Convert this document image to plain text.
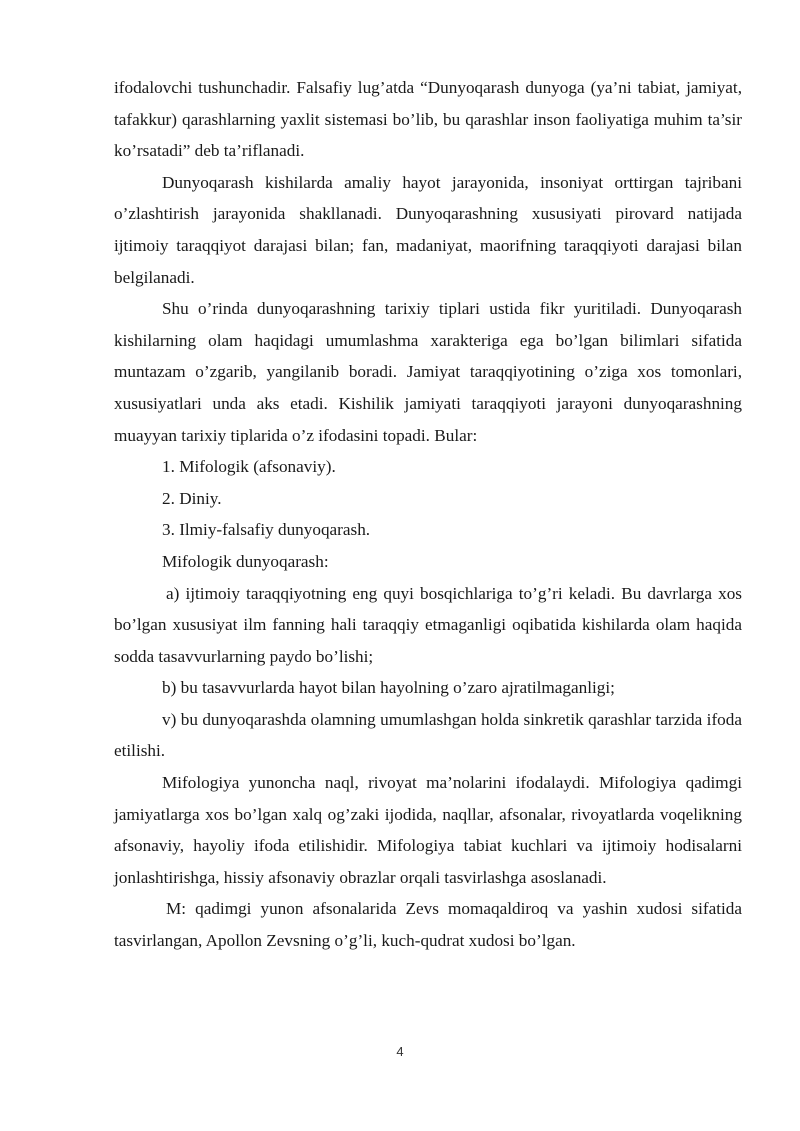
ifodalovchi tushunchadir. Falsafiy lug’atda “Dunyoqarash dunyoga (ya’ni tabiat, jamiyat, tafakkur) qarashlarning yaxlit sistemasi bo’lib, bu qarashlar inson faoliyatiga muhim ta’sir ko’rsatadi” deb ta’riflanadi.

Dunyoqarash kishilarda amaliy hayot jarayonida, insoniyat orttirgan tajribani o’zlashtirish jarayonida shakllanadi. Dunyoqarashning xususiyati pirovard natijada ijtimoiy taraqqiyot darajasi bilan; fan, madaniyat, maorifning taraqqiyoti darajasi bilan belgilanadi.

Shu o’rinda dunyoqarashning tarixiy tiplari ustida fikr yuritiladi. Dunyoqarash kishilarning olam haqidagi umumlashma xarakteriga ega bo’lgan bilimlari sifatida muntazam o’zgarib, yangilanib boradi. Jamiyat taraqqiyotining o’ziga xos tomonlari, xususiyatlari unda aks etadi. Kishilik jamiyati taraqqiyoti jarayoni dunyoqarashning muayyan tarixiy tiplarida o’z ifodasini topadi. Bular:

1. Mifologik (afsonaviy).

2. Diniy.

3. Ilmiy-falsafiy dunyoqarash.

Mifologik dunyoqarash:

a) ijtimoiy taraqqiyotning eng quyi bosqichlariga to’g’ri keladi. Bu davrlarga xos bo’lgan xususiyat ilm fanning hali taraqqiy etmaganligi oqibatida kishilarda olam haqida sodda tasavvurlarning paydo bo’lishi;

b) bu tasavvurlarda hayot bilan hayolning o’zaro ajratilmaganligi;

v) bu dunyoqarashda olamning umumlashgan holda sinkretik qarashlar tarzida ifoda etilishi.

Mifologiya yunoncha naql, rivoyat ma’nolarini ifodalaydi. Mifologiya qadimgi jamiyatlarga xos bo’lgan xalq og’zaki ijodida, naqllar, afsonalar, rivoyatlarda voqelikning afsonaviy, hayoliy ifoda etilishidir. Mifologiya tabiat kuchlari va ijtimoiy hodisalarni jonlashtirishga, hissiy afsonaviy obrazlar orqali tasvirlashga asoslanadi.

M: qadimgi yunon afsonalarida Zevs momaqaldiroq va yashin xudosi sifatida tasvirlangan, Apollon Zevsning o’g’li, kuch-qudrat xudosi bo’lgan.

4
